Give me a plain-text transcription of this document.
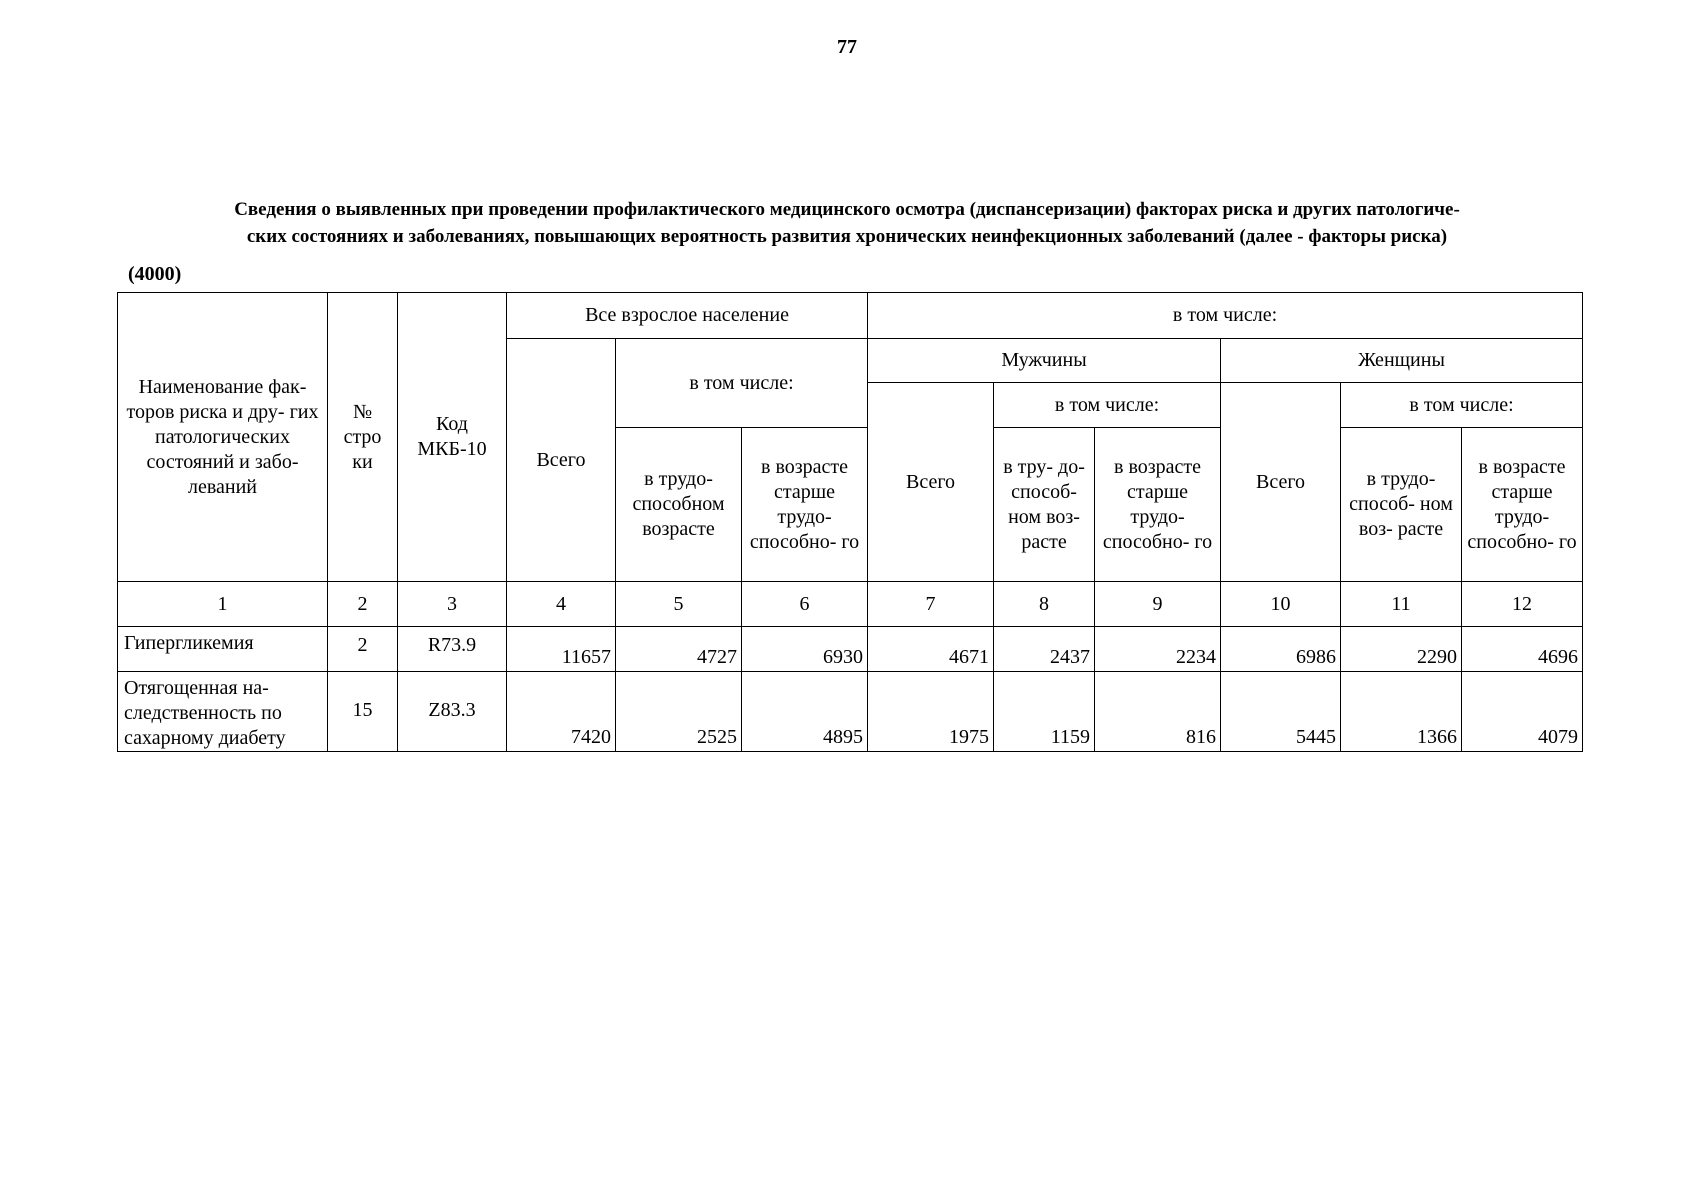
77
Сведения о выявленных при проведении профилактического медицинского осмотра (диспансеризации) факторах риска и других патологиче-
ских состояниях и заболеваниях, повышающих вероятность развития хронических неинфекционных заболеваний (далее - факторы риска)
(4000)
Наименование фак- торов риска и дру- гих патологических состояний и забо- леваний	№ стро ки	Код МКБ-10	Все взрослое население			в том числе:					
			Всего	в том числе:		Мужчины			Женщины		
						Всего	в том числе:		Всего	в том числе:	
				в трудо- способном возрасте	в возрасте старше трудо- способно- го		в тру- до- способ- ном воз- расте	в возрасте старше трудо- способно- го		в трудо- способ- ном воз- расте	в возрасте старше трудо- способно- го
1	2	3	4	5	6	7	8	9	10	11	12
Гипергликемия	2	R73.9	11657	4727	6930	4671	2437	2234	6986	2290	4696
Отягощенная на- следственность по сахарному диабету	15	Z83.3	7420	2525	4895	1975	1159	816	5445	1366	4079
